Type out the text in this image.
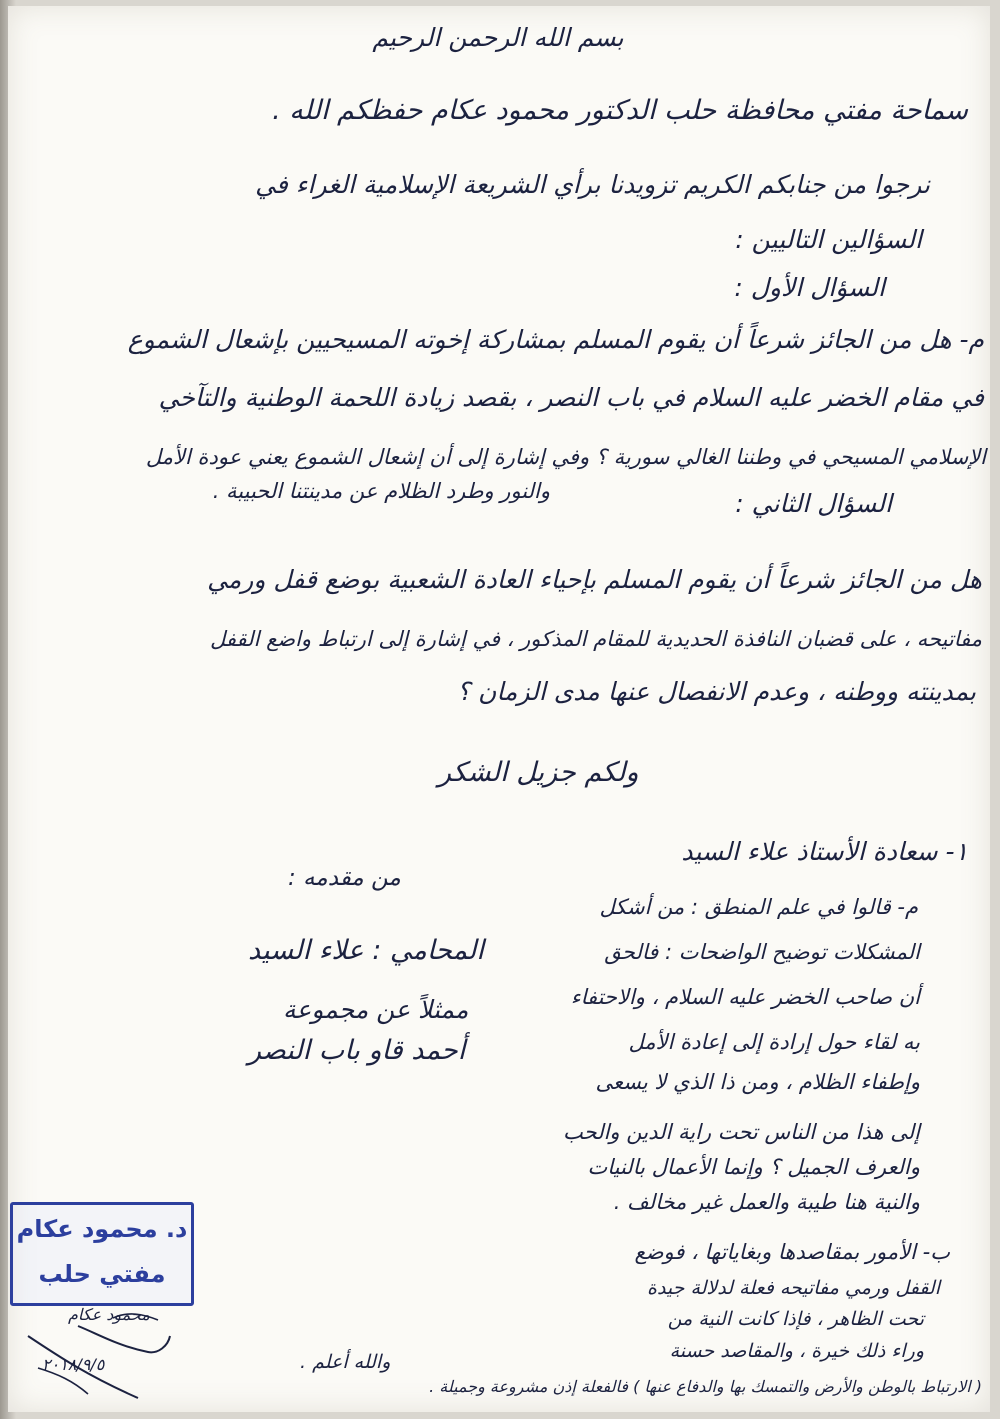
بسم الله الرحمن الرحيم
سماحة مفتي محافظة حلب الدكتور محمود عكام حفظكم الله .
نرجوا من جنابكم الكريم تزويدنا برأي الشريعة الإسلامية الغراء في
السؤالين التاليين :
السؤال الأول :
م- هل من الجائز شرعاً أن يقوم المسلم بمشاركة إخوته المسيحيين بإشعال الشموع
في مقام الخضر عليه السلام في باب النصر ، بقصد زيادة اللحمة الوطنية والتآخي
الإسلامي المسيحي في وطننا الغالي سورية ؟ وفي إشارة إلى أن إشعال الشموع يعني عودة الأمل
والنور وطرد الظلام عن مدينتنا الحبيبة .	السؤال الثاني :
هل من الجائز شرعاً أن يقوم المسلم بإحياء العادة الشعبية بوضع قفل ورمي
مفاتيحه ، على قضبان النافذة الحديدية للمقام المذكور ، في إشارة إلى ارتباط واضع القفل
بمدينته ووطنه ، وعدم الانفصال عنها مدى الزمان ؟
ولكم جزيل الشكر
١- سعادة الأستاذ علاء السيد
من مقدمه :
المحامي : علاء السيد
ممثلاً عن مجموعة
أحمد قاو باب النصر
م- قالوا في علم المنطق : من أشكل
المشكلات توضيح الواضحات : فالحق
أن صاحب الخضر عليه السلام ، والاحتفاء
به لقاء حول إرادة إلى إعادة الأمل
وإطفاء الظلام ، ومن ذا الذي لا يسعى
إلى هذا من الناس تحت راية الدين والحب
والعرف الجميل ؟ وإنما الأعمال بالنيات
والنية هنا طيبة والعمل غير مخالف .
ب- الأمور بمقاصدها وبغاياتها ، فوضع
القفل ورمي مفاتيحه فعلة لدلالة جيدة
تحت الظاهر ، فإذا كانت النية من
وراء ذلك خيرة ، والمقاصد حسنة
( الارتباط بالوطن والأرض والتمسك بها والدفاع عنها ) فالفعلة إذن مشروعة وجميلة .
والله أعلم .
د. محمود عكام
مفتي حلب
محمود عكام
٢٠١٨/٩/٥
